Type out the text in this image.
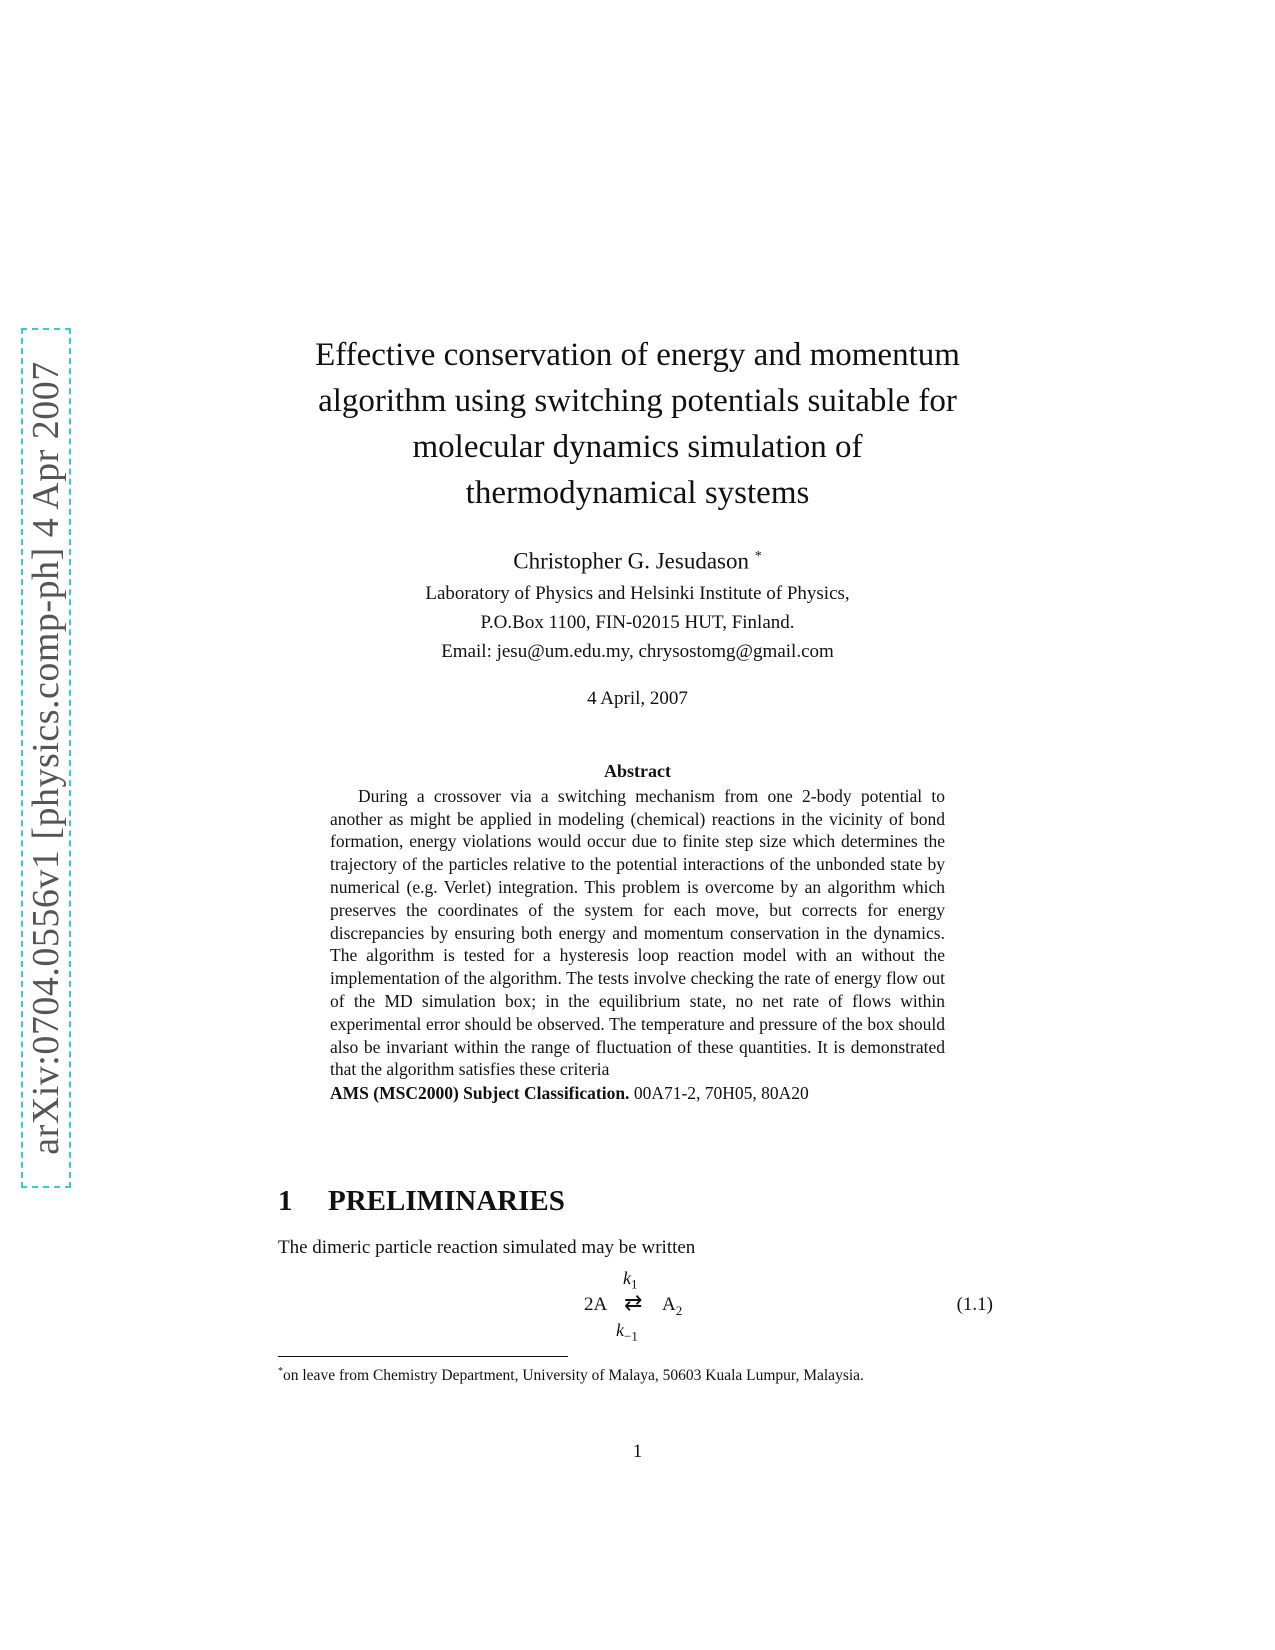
arXiv:0704.0556v1 [physics.comp-ph] 4 Apr 2007
Effective conservation of energy and momentum
algorithm using switching potentials suitable for
molecular dynamics simulation of
thermodynamical systems
Christopher G. Jesudason *
Laboratory of Physics and Helsinki Institute of Physics,
P.O.Box 1100, FIN-02015 HUT, Finland.
Email: jesu@um.edu.my, chrysostomg@gmail.com
4 April, 2007
Abstract
During a crossover via a switching mechanism from one 2-body potential to another as might be applied in modeling (chemical) reactions in the vicinity of bond formation, energy violations would occur due to finite step size which determines the trajectory of the particles relative to the potential interactions of the unbonded state by numerical (e.g. Verlet) integration. This problem is overcome by an algorithm which preserves the coordinates of the system for each move, but corrects for energy discrepancies by ensuring both energy and momentum conservation in the dynamics. The algorithm is tested for a hysteresis loop reaction model with an without the implementation of the algorithm. The tests involve checking the rate of energy flow out of the MD simulation box; in the equilibrium state, no net rate of flows within experimental error should be observed. The temperature and pressure of the box should also be invariant within the range of fluctuation of these quantities. It is demonstrated that the algorithm satisfies these criteria
AMS (MSC2000) Subject Classification. 00A71-2, 70H05, 80A20
1 PRELIMINARIES
The dimeric particle reaction simulated may be written
$k_1$
2A ⇄ $A_2$
$k_{-1}$
(1.1)
*on leave from Chemistry Department, University of Malaya, 50603 Kuala Lumpur, Malaysia.
1
